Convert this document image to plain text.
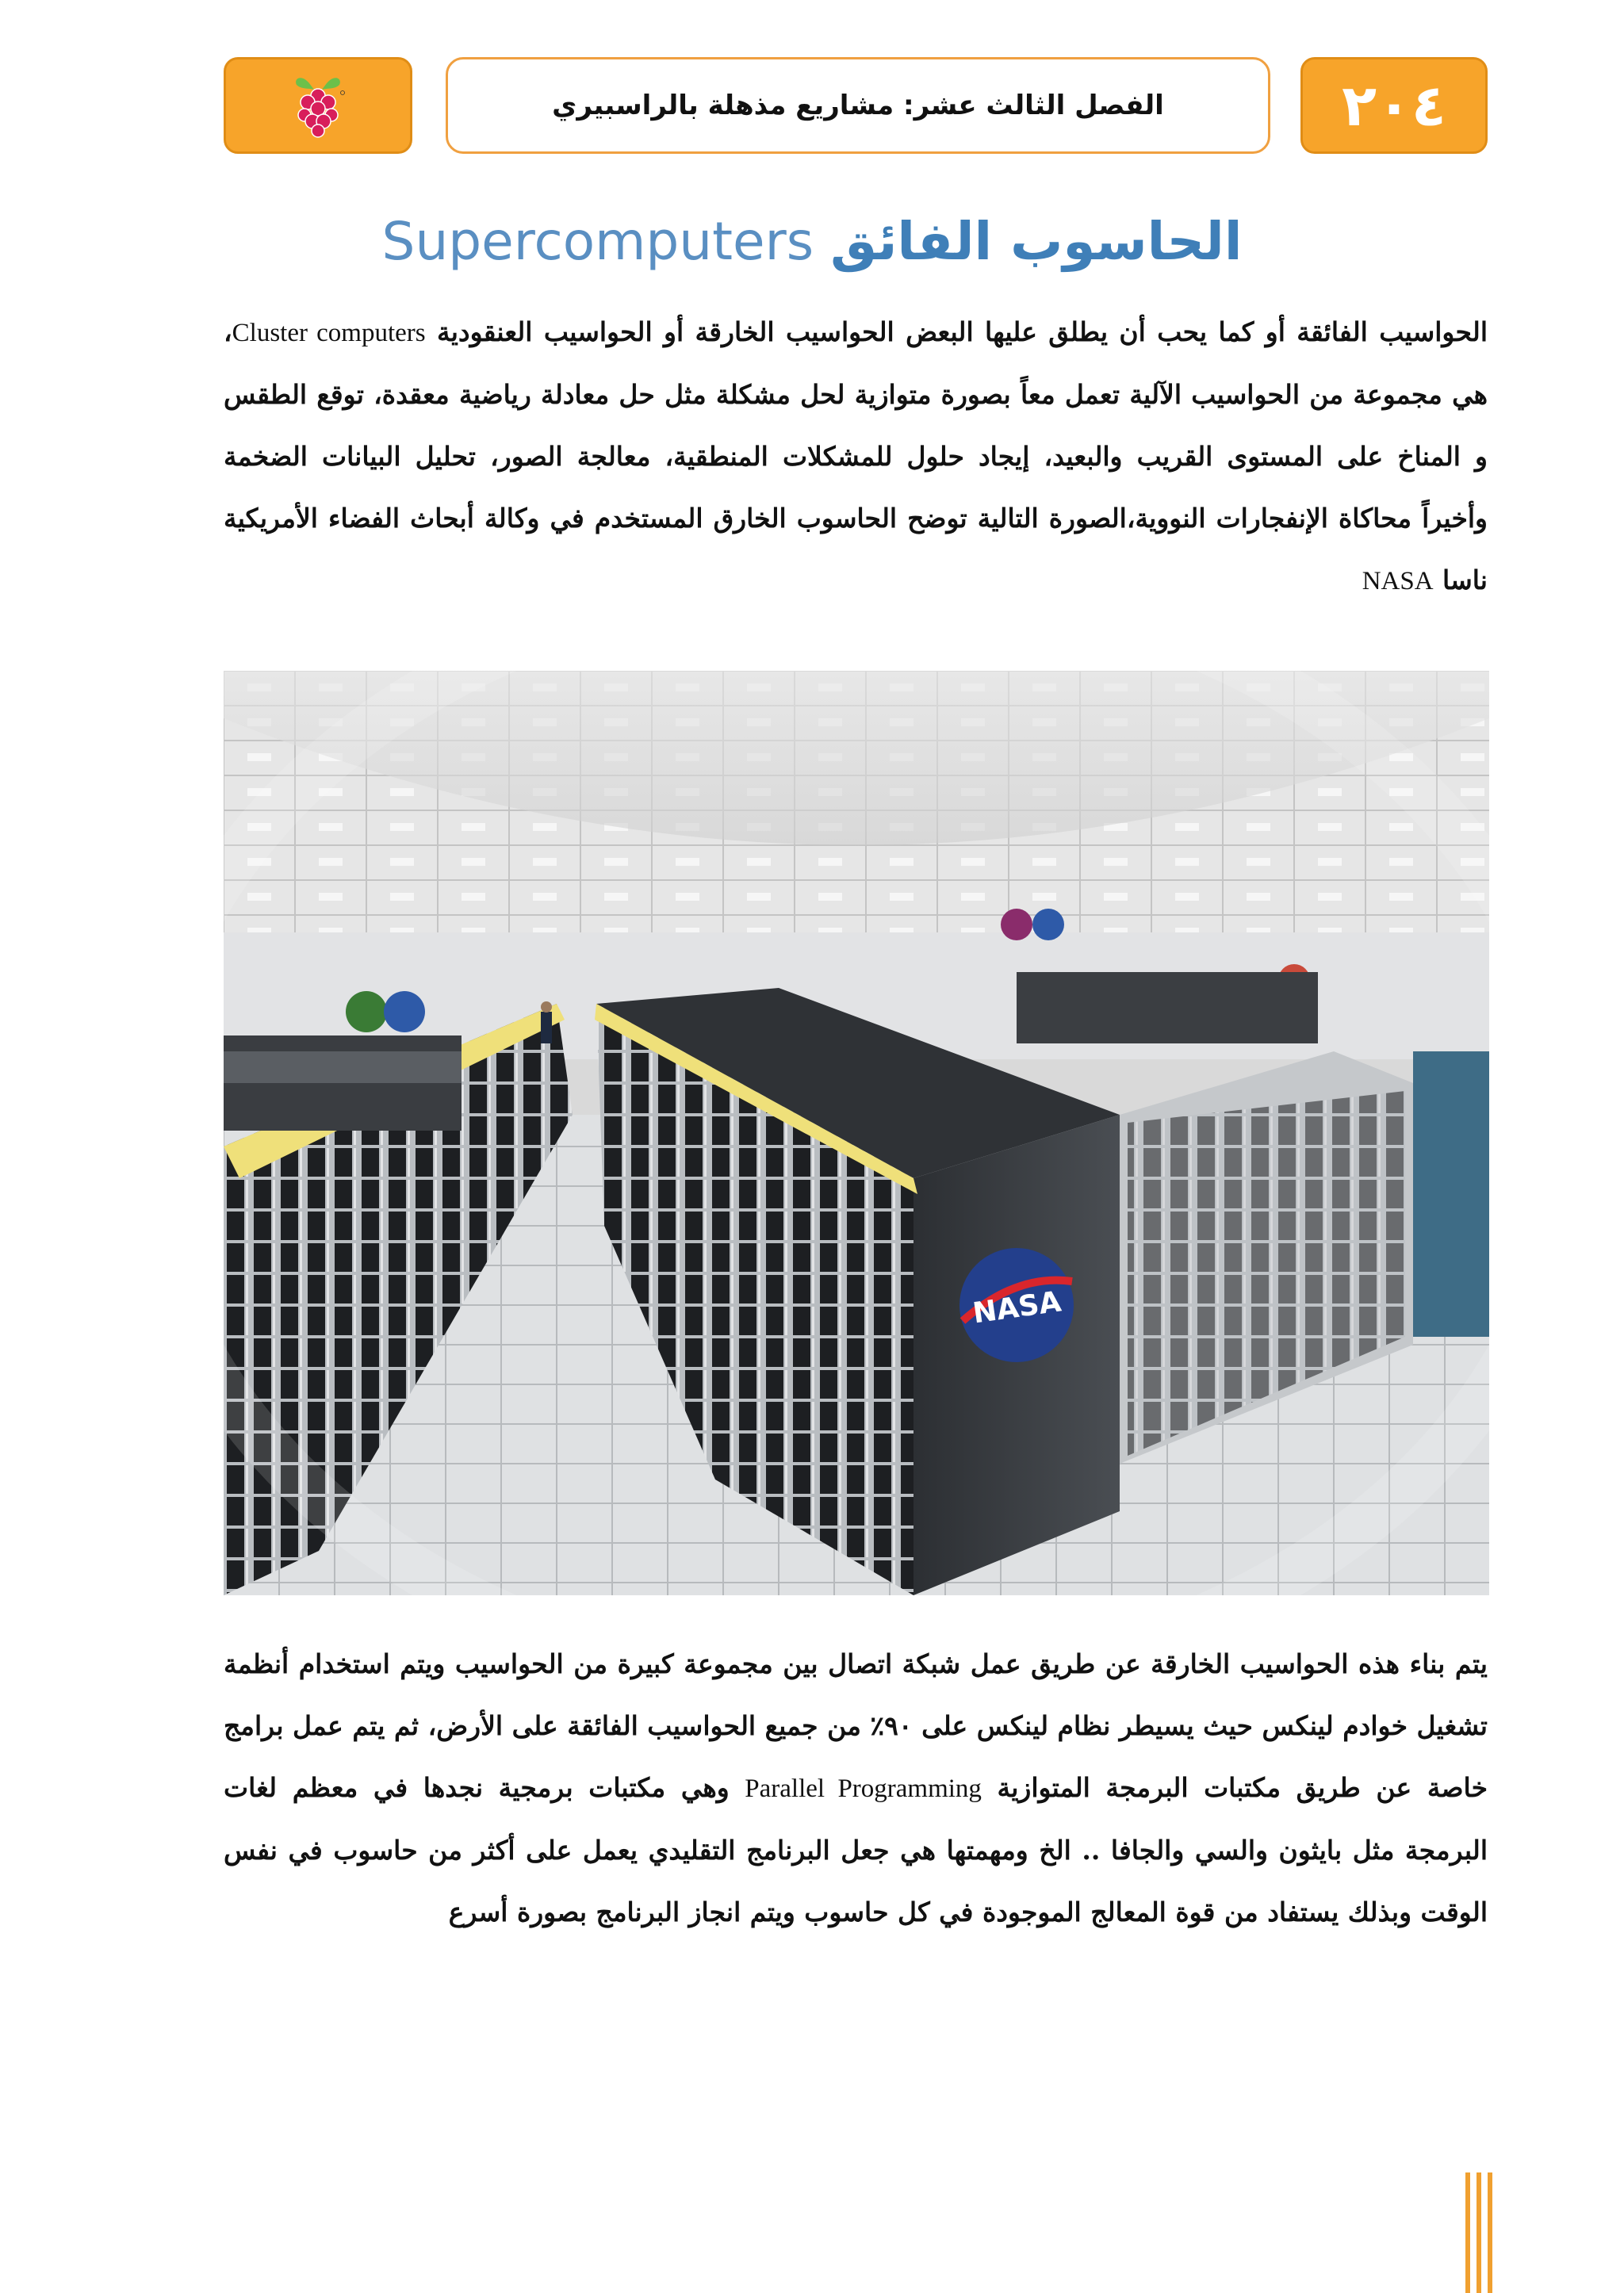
٢٠٤
الفصل الثالث عشر: مشاريع مذهلة بالراسبيري
الحاسوب الفائق Supercomputers
الحواسيب الفائقة أو كما يحب أن يطلق عليها البعض الحواسيب الخارقة أو الحواسيب العنقودية Cluster computers، هي مجموعة من الحواسيب الآلية تعمل معاً بصورة متوازية لحل مشكلة مثل حل معادلة رياضية معقدة، توقع الطقس و المناخ على المستوى القريب والبعيد، إيجاد حلول للمشكلات المنطقية، معالجة الصور، تحليل البيانات الضخمة وأخيراً محاكاة الإنفجارات النووية،الصورة التالية توضح الحاسوب الخارق المستخدم في وكالة أبحاث الفضاء الأمريكية ناسا NASA
NASA
يتم بناء هذه الحواسيب الخارقة عن طريق عمل شبكة اتصال بين مجموعة كبيرة من الحواسيب ويتم استخدام أنظمة تشغيل خوادم لينكس حيث يسيطر نظام لينكس على ٩٠٪ من جميع الحواسيب الفائقة على الأرض، ثم يتم عمل برامج خاصة عن طريق مكتبات البرمجة المتوازية Parallel Programming وهي مكتبات برمجية نجدها في معظم لغات البرمجة مثل بايثون والسي والجافا .. الخ ومهمتها هي جعل البرنامج التقليدي يعمل على أكثر من حاسوب في نفس الوقت وبذلك يستفاد من قوة المعالج الموجودة في كل حاسوب ويتم انجاز البرنامج بصورة أسرع
